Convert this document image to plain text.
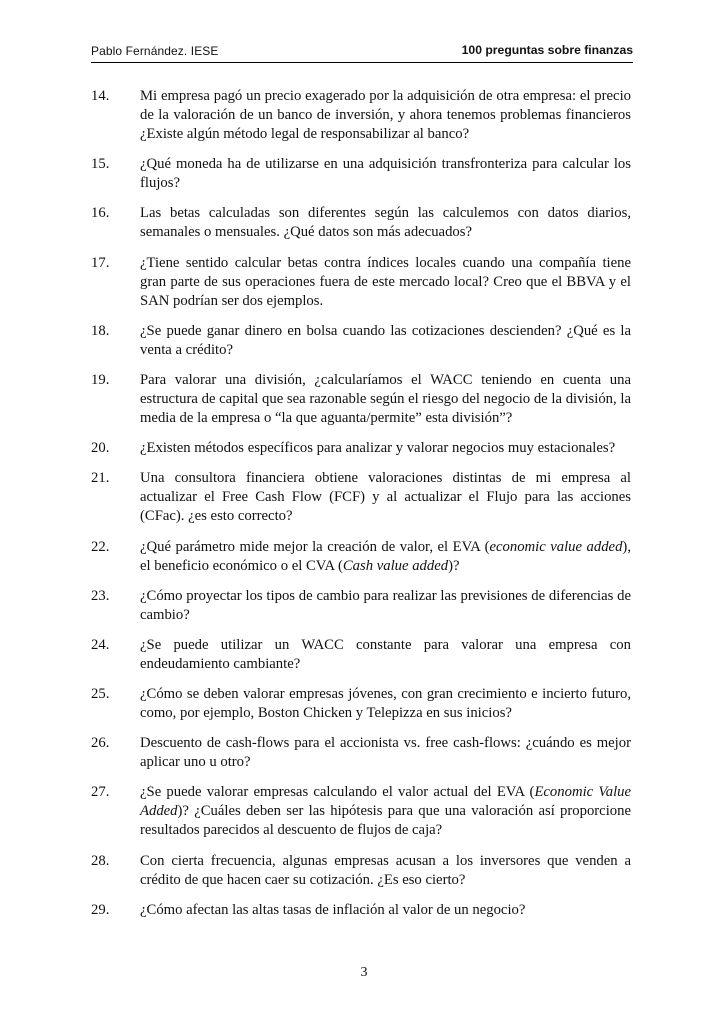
Pablo Fernández. IESE	100 preguntas sobre finanzas
14. Mi empresa pagó un precio exagerado por la adquisición de otra empresa: el precio de la valoración de un banco de inversión, y ahora tenemos problemas financieros ¿Existe algún método legal de responsabilizar al banco?
15. ¿Qué moneda ha de utilizarse en una adquisición transfronteriza para calcular los flujos?
16. Las betas calculadas son diferentes según las calculemos con datos diarios, semanales o mensuales. ¿Qué datos son más adecuados?
17. ¿Tiene sentido calcular betas contra índices locales cuando una compañía tiene gran parte de sus operaciones fuera de este mercado local? Creo que el BBVA y el SAN podrían ser dos ejemplos.
18. ¿Se puede ganar dinero en bolsa cuando las cotizaciones descienden? ¿Qué es la venta a crédito?
19. Para valorar una división, ¿calcularíamos el WACC teniendo en cuenta una estructura de capital que sea razonable según el riesgo del negocio de la división, la media de la empresa o “la que aguanta/permite” esta división”?
20. ¿Existen métodos específicos para analizar y valorar negocios muy estacionales?
21. Una consultora financiera obtiene valoraciones distintas de mi empresa al actualizar el Free Cash Flow (FCF) y al actualizar el Flujo para las acciones (CFac). ¿es esto correcto?
22. ¿Qué parámetro mide mejor la creación de valor, el EVA (economic value added), el beneficio económico o el CVA (Cash value added)?
23. ¿Cómo proyectar los tipos de cambio para realizar las previsiones de diferencias de cambio?
24. ¿Se puede utilizar un WACC constante para valorar una empresa con endeudamiento cambiante?
25. ¿Cómo se deben valorar empresas jóvenes, con gran crecimiento e incierto futuro, como, por ejemplo, Boston Chicken y Telepizza en sus inicios?
26. Descuento de cash-flows para el accionista vs. free cash-flows: ¿cuándo es mejor aplicar uno u otro?
27. ¿Se puede valorar empresas calculando el valor actual del EVA (Economic Value Added)? ¿Cuáles deben ser las hipótesis para que una valoración así proporcione resultados parecidos al descuento de flujos de caja?
28. Con cierta frecuencia, algunas empresas acusan a los inversores que venden a crédito de que hacen caer su cotización. ¿Es eso cierto?
29. ¿Cómo afectan las altas tasas de inflación al valor de un negocio?
3
